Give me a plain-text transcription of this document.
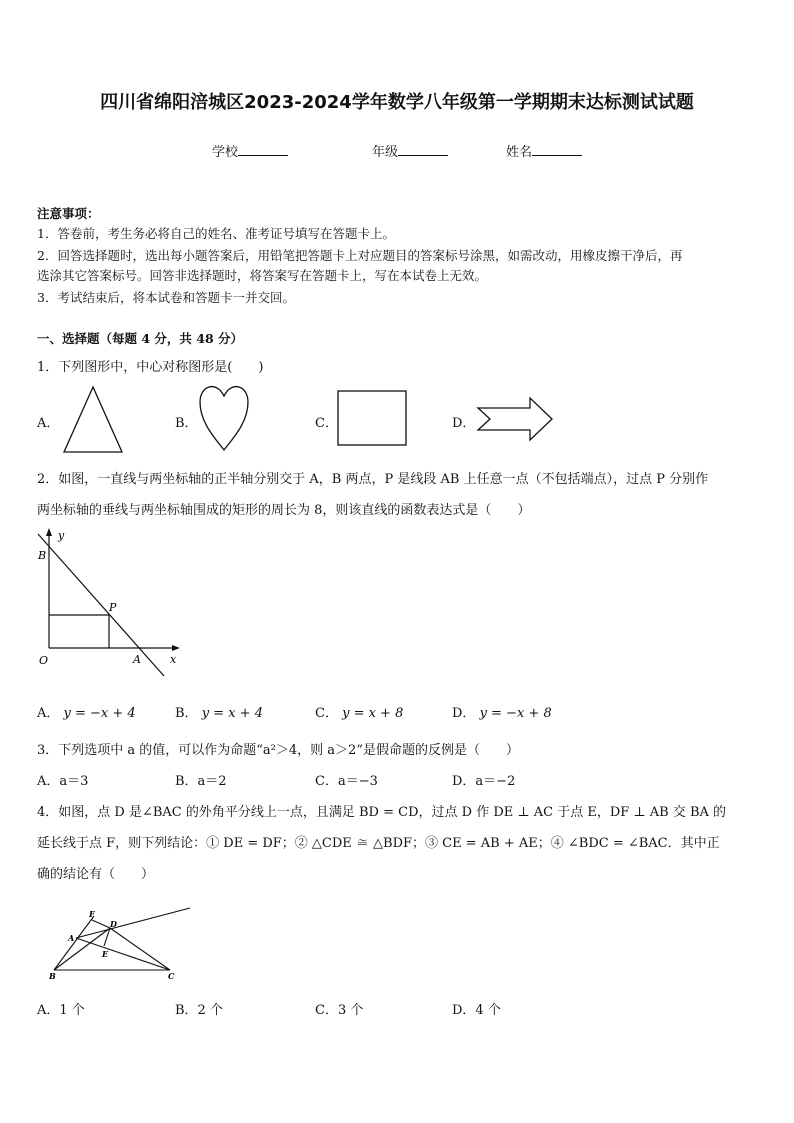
四川省绵阳涪城区2023-2024学年数学八年级第一学期期末达标测试试题
学校	年级	姓名
注意事项：
1．答卷前，考生务必将自己的姓名、准考证号填写在答题卡上。
2．回答选择题时，选出每小题答案后，用铅笔把答题卡上对应题目的答案标号涂黑，如需改动，用橡皮擦干净后，再
选涂其它答案标号。回答非选择题时，将答案写在答题卡上，写在本试卷上无效。
3．考试结束后，将本试卷和答题卡一并交回。
一、选择题（每题 4 分，共 48 分）
1．下列图形中，中心对称图形是(　　)
A．	B．	C．	D．
2．如图，一直线与两坐标轴的正半轴分别交于 A，B 两点，P 是线段 AB 上任意一点（不包括端点），过点 P 分别作
两坐标轴的垂线与两坐标轴围成的矩形的周长为 8，则该直线的函数表达式是（　　）
y
B
P
O	A	x
A． y = −x + 4	B． y = x + 4	C． y = x + 8	D． y = −x + 8
3．下列选项中 a 的值，可以作为命题“a²＞4，则 a＞2”是假命题的反例是（　　）
A．a＝3	B．a＝2	C．a＝−3	D．a＝−2
4．如图，点 D 是∠BAC 的外角平分线上一点，且满足 BD = CD，过点 D 作 DE ⊥ AC 于点 E，DF ⊥ AB 交 BA 的
延长线于点 F，则下列结论：① DE = DF；② △CDE ≅ △BDF；③ CE = AB + AE；④ ∠BDC = ∠BAC．其中正
确的结论有（　　）
F
D
A
E
B	C
A．1 个	B．2 个	C．3 个	D．4 个
